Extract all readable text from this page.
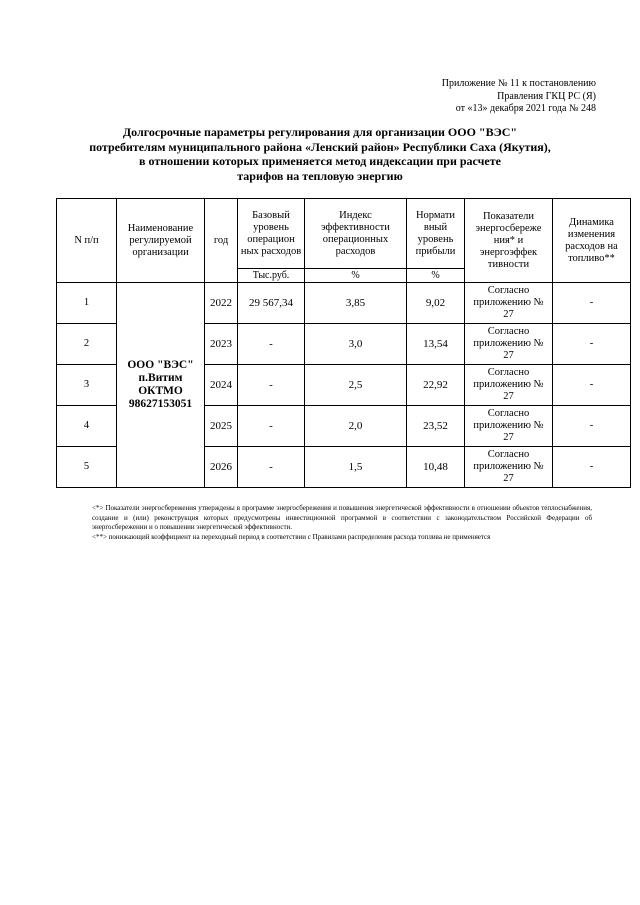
Приложение № 11 к постановлению
Правления ГКЦ РС (Я)
от «13» декабря 2021 года № 248
Долгосрочные параметры регулирования для организации ООО "ВЭС"
потребителям муниципального района «Ленский район» Республики Саха (Якутия),
в отношении которых применяется метод индексации при расчете
тарифов на тепловую энергию
N п/п	Наименование регулируемой организации	год	Базовый уровень операцион ных расходов	Индекс эффективности операционных расходов	Нормати вный уровень прибыли	Показатели энергосбереже ния* и энергоэффек тивности	Динамика изменения расходов на топливо**
			Тыс.руб.	%	%		
1	ООО "ВЭС"
п.Витим
ОКТМО
98627153051	2022	29 567,34	3,85	9,02	Согласно приложению № 27	-
2		2023	-	3,0	13,54	Согласно приложению № 27	-
3		2024	-	2,5	22,92	Согласно приложению № 27	-
4		2025	-	2,0	23,52	Согласно приложению № 27	-
5		2026	-	1,5	10,48	Согласно приложению № 27	-

<*> Показатели энергосбережения утверждены в программе энергосбережения и повышения энергетической эффективности в отношении объектов теплоснабжения, создание и (или) реконструкция которых предусмотрены инвестиционной программой в соответствии с законодательством Российской Федерации об энергосбережении и о повышении энергетической эффективности.

<**> понижающий коэффициент на переходный период в соответствии с Правилами распределения расхода топлива не применяется
